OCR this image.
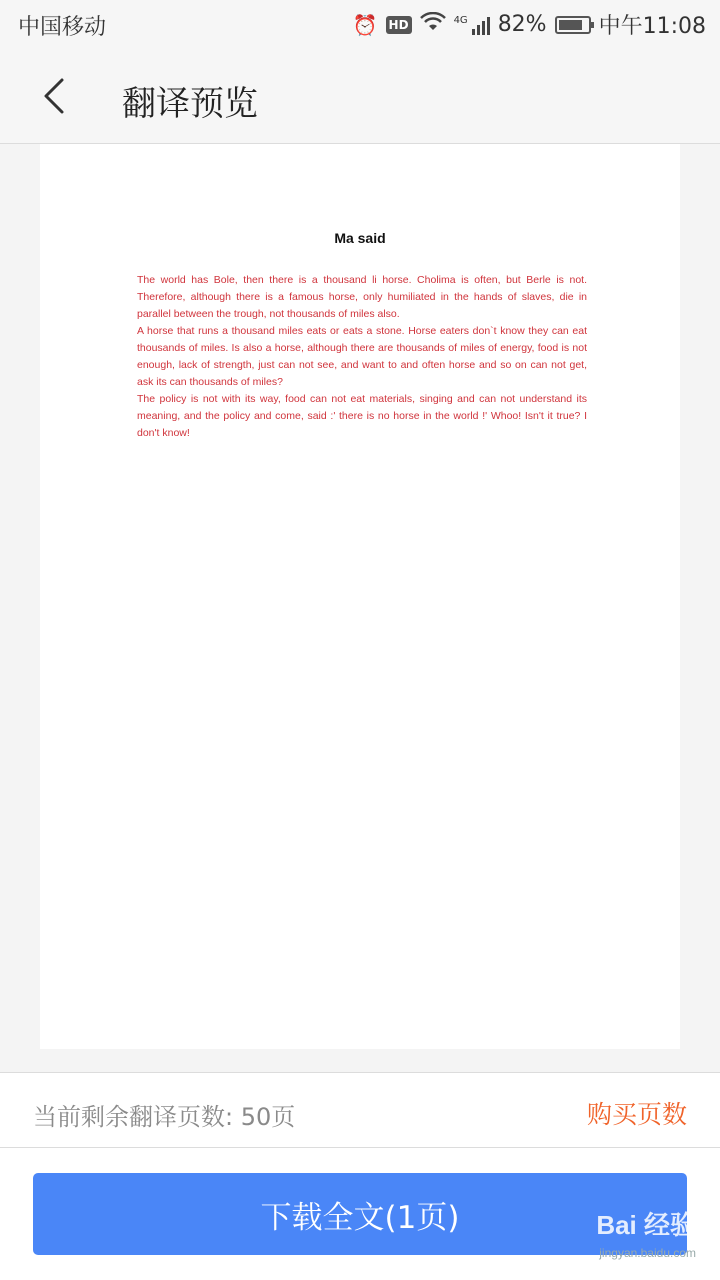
中国移动	⏰ HD	4G 82% 中午11:08
翻译预览
Ma said

The world has Bole, then there is a thousand li horse. Cholima is often, but Berle is not. Therefore, although there is a famous horse, only humiliated in the hands of slaves, die in parallel between the trough, not thousands of miles also.

A horse that runs a thousand miles eats or eats a stone. Horse eaters don`t know they can eat thousands of miles. Is also a horse, although there are thousands of miles of energy, food is not enough, lack of strength, just can not see, and want to and often horse and so on can not get, ask its can thousands of miles?

The policy is not with its way, food can not eat materials, singing and can not understand its meaning, and the policy and come, said :' there is no horse in the world !' Whoo! Isn't it true? I don't know!

当前剩余翻译页数: 50页	购买页数
下载全文(1页)	Bai 经验
jingyan.baidu.com
